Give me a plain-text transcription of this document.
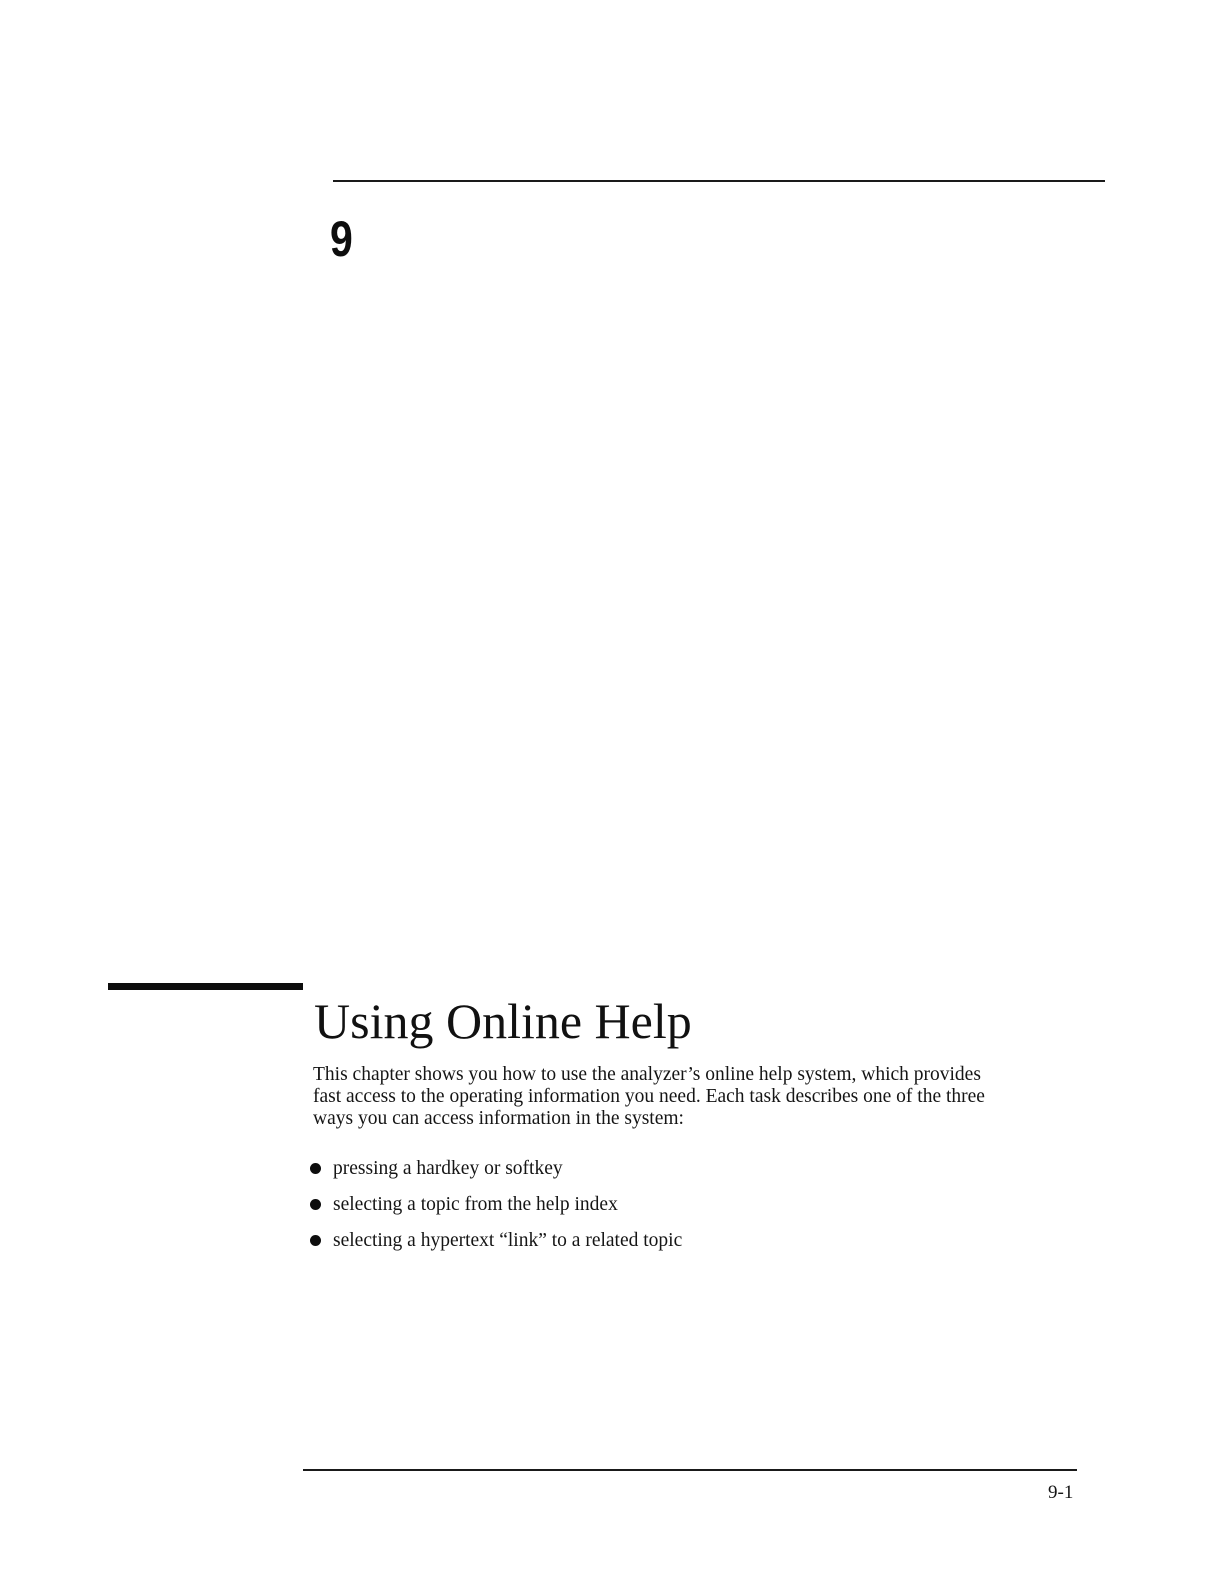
9
Using Online Help

This chapter shows you how to use the analyzer’s online help system, which provides
fast access to the operating information you need. Each task describes one of the three
ways you can access information in the system:

pressing a hardkey or softkey
selecting a topic from the help index
selecting a hypertext “link” to a related topic
9-1
